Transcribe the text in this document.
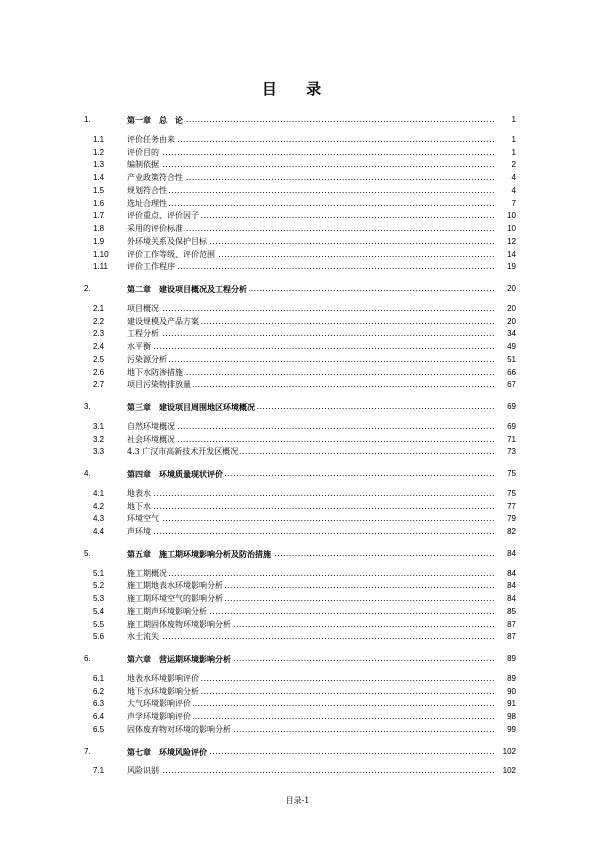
目 录
1. .....	第一章　总　论	1
1.1 .....	评价任务由来	1
1.2 .....	评价目的	1
1.3 .....	编制依据	2
1.4 .....	产业政策符合性	4
1.5 .....	规划符合性	4
1.6 .....	选址合理性	7
1.7 .....	评价重点、评价因子	10
1.8 .....	采用的评价标准	10
1.9 .....	外环境关系及保护目标	12
1.10 .....	评价工作等级、评价范围	14
1.11 .....	评价工作程序	19
2. .....	第二章　建设项目概况及工程分析	20
2.1 .....	项目概况	20
2.2 .....	建设规模及产品方案	20
2.3 .....	工程分析	34
2.4 .....	水平衡	49
2.5 .....	污染源分析	51
2.6 .....	地下水防渗措施	66
2.7 .....	项目污染物排放量	67
3. .....	第三章　建设项目周围地区环境概况	69
3.1 .....	自然环境概况	69
3.2 .....	社会环境概况	71
3.3 .....	4.3 广汉市高新技术开发区概况	73
4. .....	第四章　环境质量现状评价	75
4.1 .....	地表水	75
4.2 .....	地下水	77
4.3 .....	环境空气	79
4.4 .....	声环境	82
5. .....	第五章　施工期环境影响分析及防治措施	84
5.1 .....	施工期概况	84
5.2 .....	施工期地表水环境影响分析	84
5.3 .....	施工期环境空气的影响分析	84
5.4 .....	施工期声环境影响分析	85
5.5 .....	施工期固体废物环境影响分析	87
5.6 .....	水土流失	87
6. .....	第六章　营运期环境影响分析	89
6.1 .....	地表水环境影响评价	89
6.2 .....	地下水环境影响分析	90
6.3 .....	大气环境影响评价	91
6.4 .....	声学环境影响评价	98
6.5 .....	固体废弃物对环境的影响分析	99
7. .....	第七章　环境风险评价	102
7.1 .....	风险识别	102
目录-1
